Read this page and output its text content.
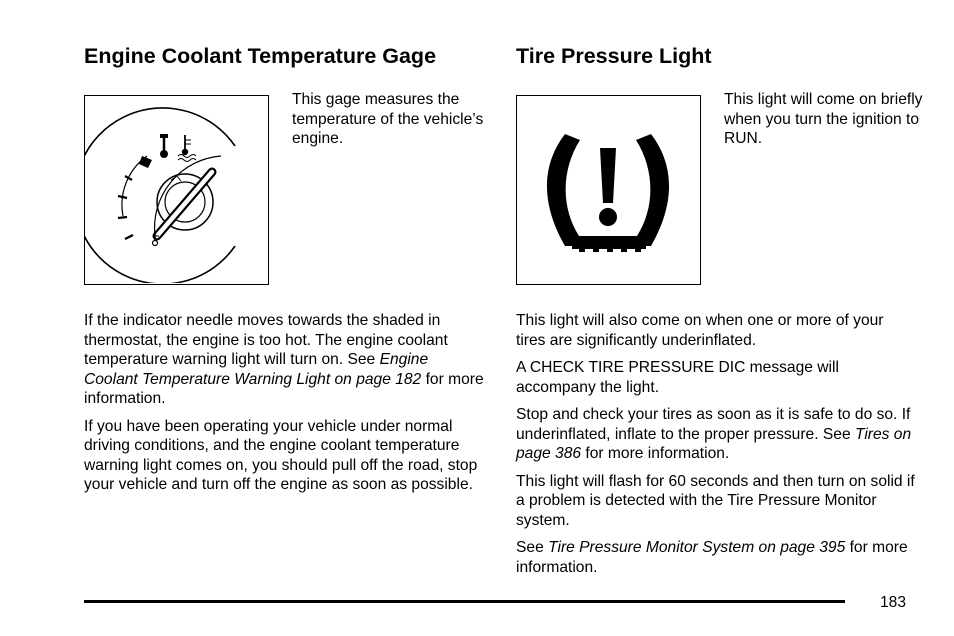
Engine Coolant Temperature Gage

This gage measures the temperature of the vehicle’s engine.

If the indicator needle moves towards the shaded in thermostat, the engine is too hot. The engine coolant temperature warning light will turn on. See Engine Coolant Temperature Warning Light on page 182 for more information.

If you have been operating your vehicle under normal driving conditions, and the engine coolant temperature warning light comes on, you should pull off the road, stop your vehicle and turn off the engine as soon as possible.

Tire Pressure Light

This light will come on briefly when you turn the ignition to RUN.

This light will also come on when one or more of your tires are significantly underinflated.

A CHECK TIRE PRESSURE DIC message will accompany the light.

Stop and check your tires as soon as it is safe to do so. If underinflated, inflate to the proper pressure. See Tires on page 386 for more information.

This light will flash for 60 seconds and then turn on solid if a problem is detected with the Tire Pressure Monitor system.

See Tire Pressure Monitor System on page 395 for more information.

183
